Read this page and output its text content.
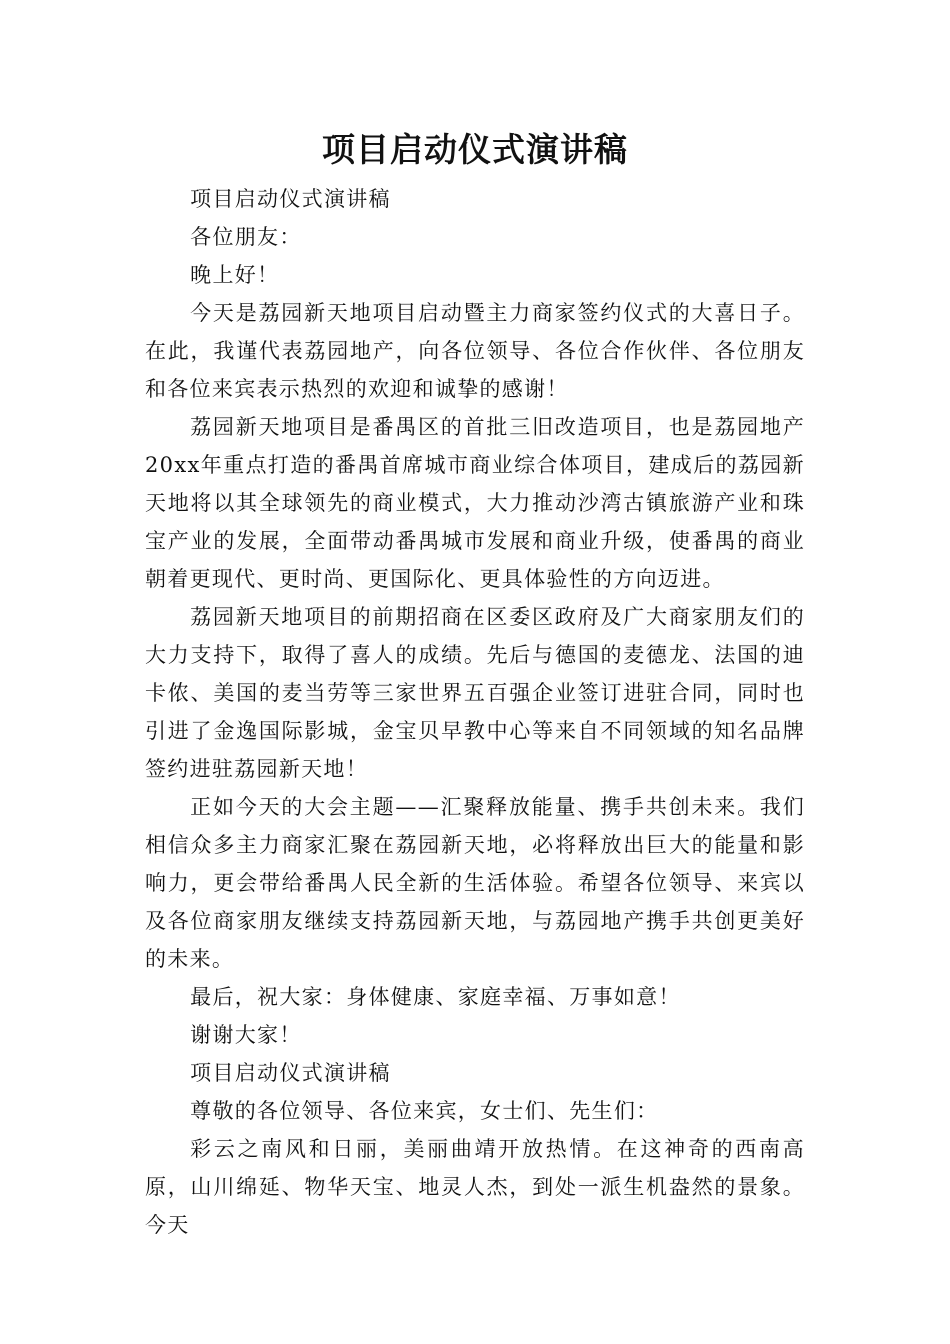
项目启动仪式演讲稿

项目启动仪式演讲稿

各位朋友：

晚上好！

今天是荔园新天地项目启动暨主力商家签约仪式的大喜日子。在此，我谨代表荔园地产，向各位领导、各位合作伙伴、各位朋友和各位来宾表示热烈的欢迎和诚挚的感谢！

荔园新天地项目是番禺区的首批三旧改造项目，也是荔园地产20xx年重点打造的番禺首席城市商业综合体项目，建成后的荔园新天地将以其全球领先的商业模式，大力推动沙湾古镇旅游产业和珠宝产业的发展，全面带动番禺城市发展和商业升级，使番禺的商业朝着更现代、更时尚、更国际化、更具体验性的方向迈进。

荔园新天地项目的前期招商在区委区政府及广大商家朋友们的大力支持下，取得了喜人的成绩。先后与德国的麦德龙、法国的迪卡侬、美国的麦当劳等三家世界五百强企业签订进驻合同，同时也引进了金逸国际影城，金宝贝早教中心等来自不同领域的知名品牌签约进驻荔园新天地！

正如今天的大会主题——汇聚释放能量、携手共创未来。我们相信众多主力商家汇聚在荔园新天地，必将释放出巨大的能量和影响力，更会带给番禺人民全新的生活体验。希望各位领导、来宾以及各位商家朋友继续支持荔园新天地，与荔园地产携手共创更美好的未来。

最后，祝大家：身体健康、家庭幸福、万事如意！

谢谢大家！

项目启动仪式演讲稿

尊敬的各位领导、各位来宾，女士们、先生们：

彩云之南风和日丽，美丽曲靖开放热情。在这神奇的西南高原，山川绵延、物华天宝、地灵人杰，到处一派生机盎然的景象。今天
